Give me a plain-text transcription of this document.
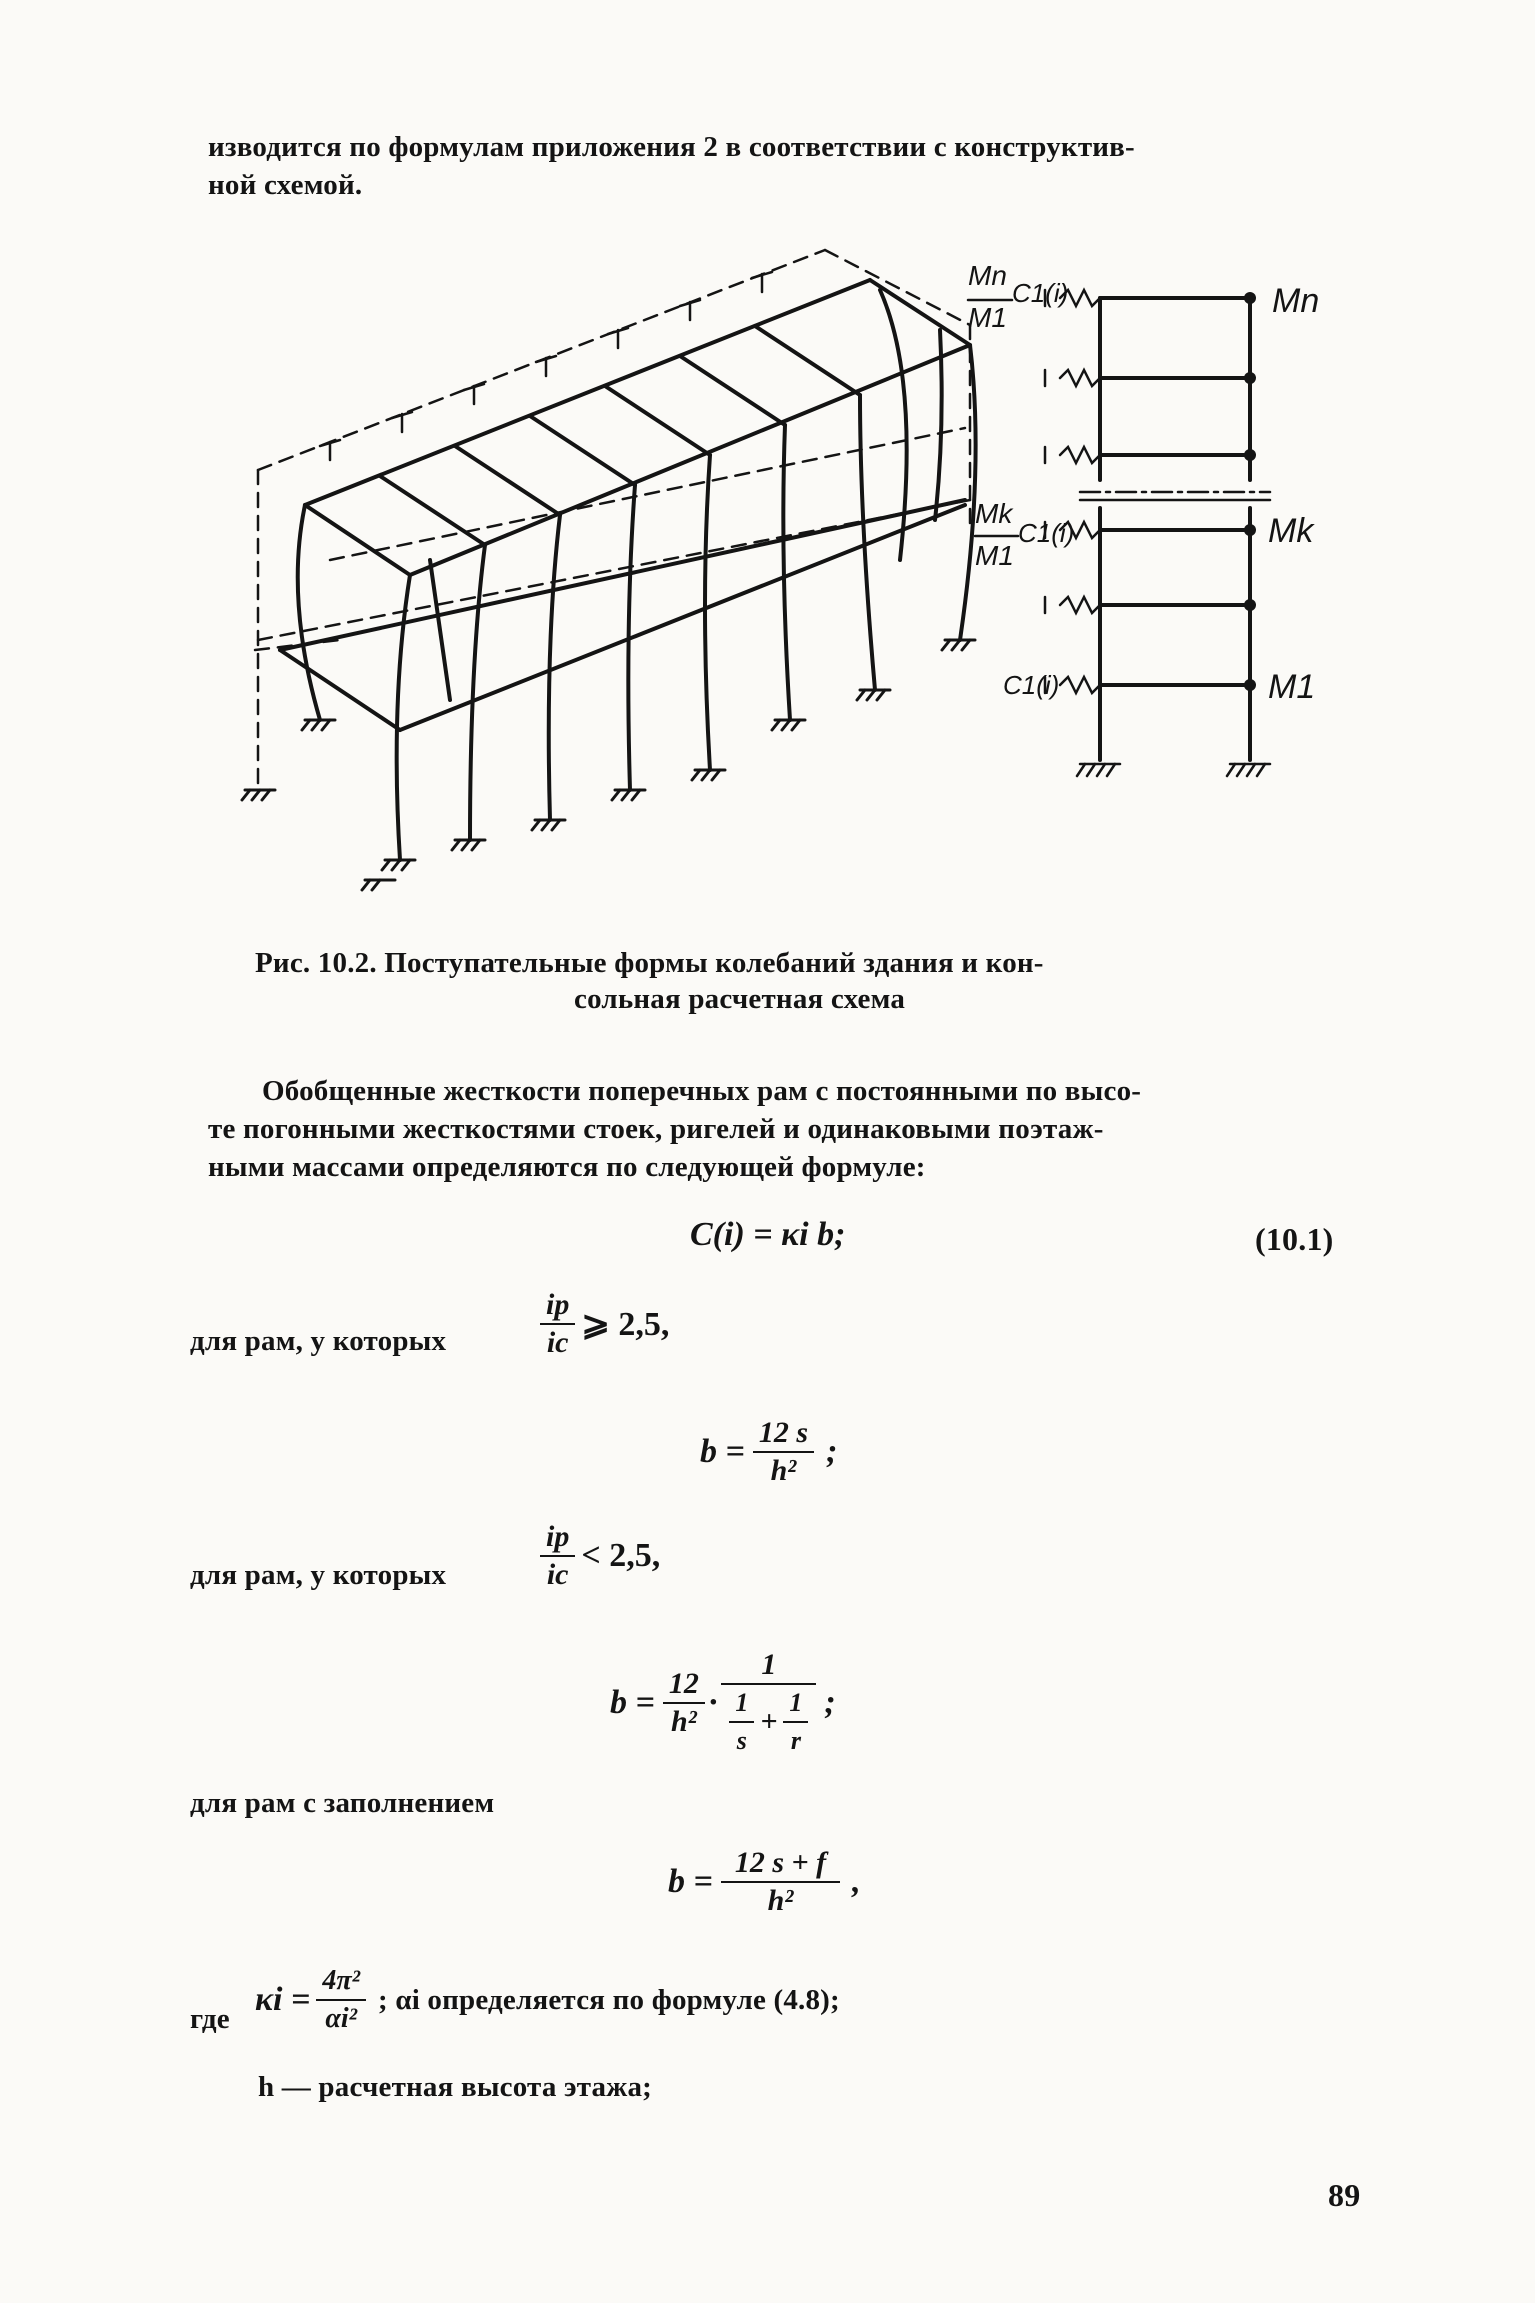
изводится по формулам приложения 2 в соответствии с конструктив-
ной схемой.
Mn
M1
C1(i)
Mk
M1
C1(i)
C1(i)
Mn
Mk
M1
Рис. 10.2. Поступательные формы колебаний здания и кон-
сольная расчетная схема
Обобщенные жесткости поперечных рам с постоянными по высо-
те погонными жесткостями стоек, ригелей и одинаковыми поэтаж-
ными массами определяются по следующей формуле:
C(i) = κi b;	(10.1)
для рам, у которых	$\frac{ip}{ic}$ ⩾ 2,5,
$b = \frac{12 s}{\text{h²}}$ ;
для рам, у которых	$\frac{ip}{ic} < 2,5$,
$b = \frac{12}{\text{h²}} \cdot \frac{1}{\frac{1}{s} + \frac{1}{r}}$ ;
для рам с заполнением
$b = \frac{12 s + f}{\text{h²}}$ ,
где
$\kappa i = \frac{\text{4π²}}{\text{αi²}}$ ; αi определяется по формуле (4.8);
h — расчетная высота этажа;
89
